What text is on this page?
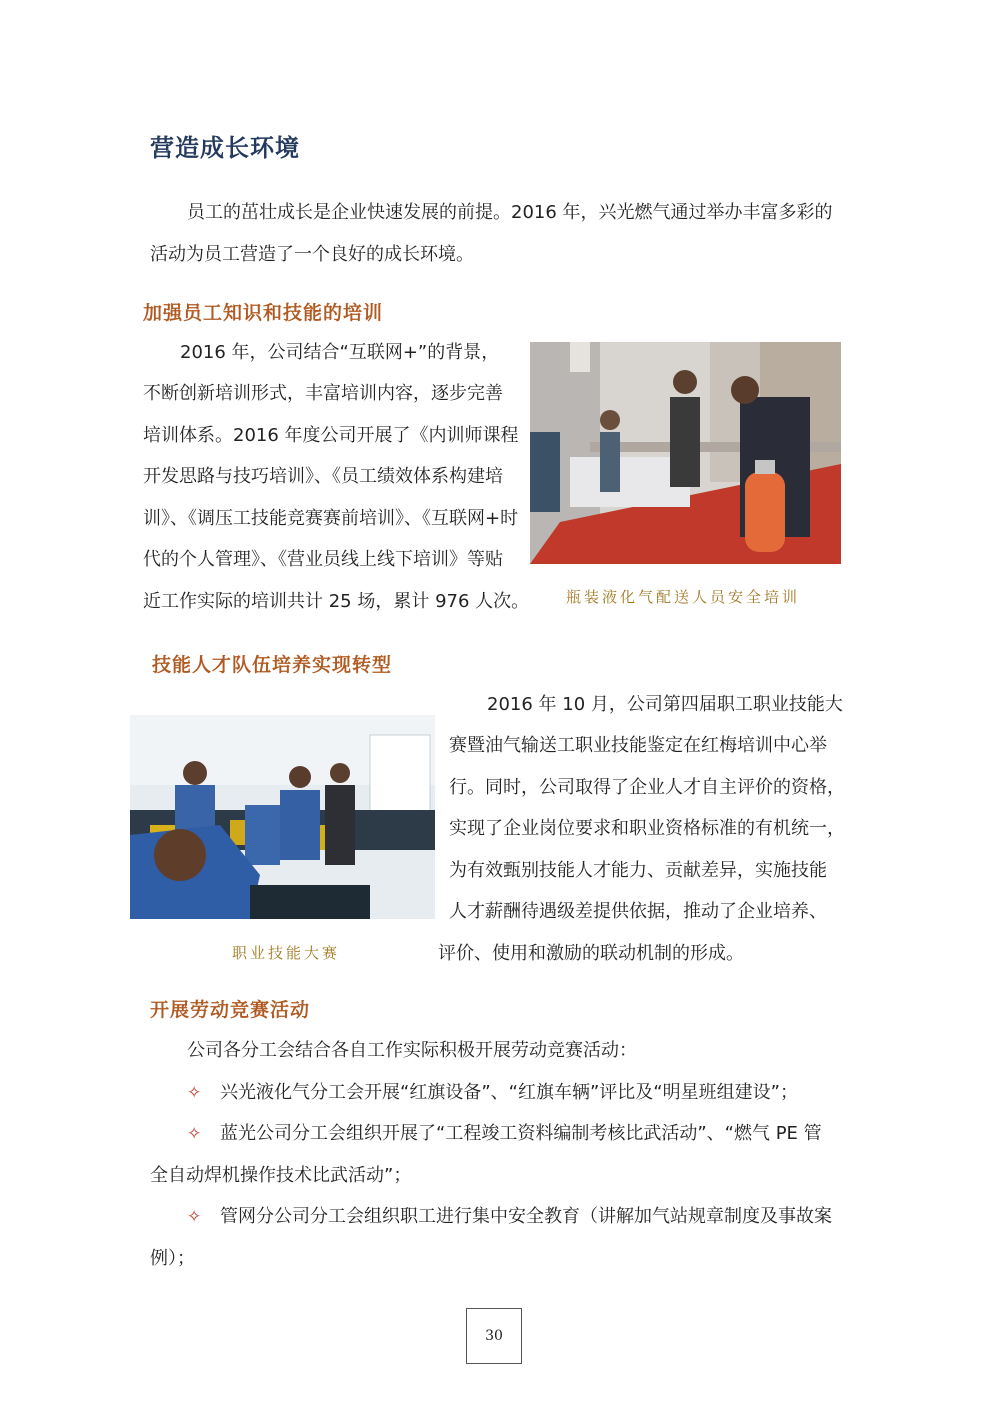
营造成长环境
员工的茁壮成长是企业快速发展的前提。2016 年，兴光燃气通过举办丰富多彩的
活动为员工营造了一个良好的成长环境。
加强员工知识和技能的培训
2016 年，公司结合“互联网+”的背景，
不断创新培训形式，丰富培训内容，逐步完善
培训体系。2016 年度公司开展了《内训师课程
开发思路与技巧培训》、《员工绩效体系构建培
训》、《调压工技能竞赛赛前培训》、《互联网+时
代的个人管理》、《营业员线上线下培训》等贴
近工作实际的培训共计 25 场，累计 976 人次。 瓶装液化气配送人员安全培训
技能人才队伍培养实现转型
2016 年 10 月，公司第四届职工职业技能大
赛暨油气输送工职业技能鉴定在红梅培训中心举
行。同时，公司取得了企业人才自主评价的资格，
实现了企业岗位要求和职业资格标准的有机统一，
为有效甄别技能人才能力、贡献差异，实施技能
人才薪酬待遇级差提供依据，推动了企业培养、
评价、使用和激励的联动机制的形成。
职业技能大赛
开展劳动竞赛活动
公司各分工会结合各自工作实际积极开展劳动竞赛活动：
✧ 兴光液化气分工会开展“红旗设备”、“红旗车辆”评比及“明星班组建设”；
✧ 蓝光公司分工会组织开展了“工程竣工资料编制考核比武活动”、“燃气 PE 管
全自动焊机操作技术比武活动”；
✧ 管网分公司分工会组织职工进行集中安全教育（讲解加气站规章制度及事故案
例）；
30
